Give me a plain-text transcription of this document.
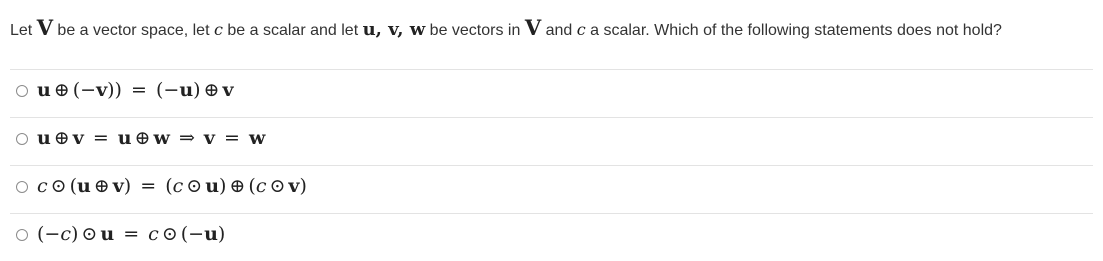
Let V be a vector space, let c be a scalar and let u, v, w be vectors in V and c a scalar. Which of the following statements does not hold?
u ⊕ (−v)) = (−u) ⊕ v
u ⊕ v = u ⊕ w ⇒ v = w
c ⊙ (u ⊕ v) = (c ⊙ u) ⊕ (c ⊙ v)
(−c) ⊙ u = c ⊙ (−u)
